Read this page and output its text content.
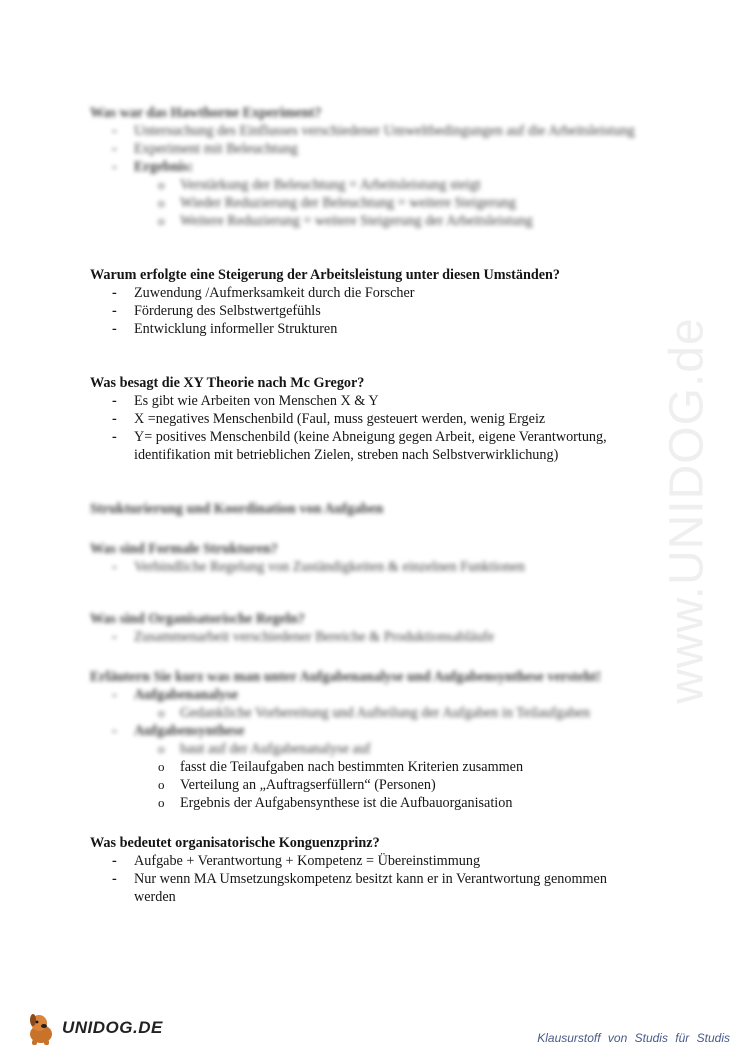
www.UNIDOG.de

Was war das Hawthorne Experiment?

- Untersuchung des Einflusses verschiedener Umweltbedingungen auf die Arbeitsleistung
- Experiment mit Beleuchtung
- Ergebnis:
o Verstärkung der Beleuchtung = Arbeitsleistung steigt
o Wieder Reduzierung der Beleuchtung = weitere Steigerung
o Weitere Reduzierung = weitere Steigerung der Arbeitsleistung

Warum erfolgte eine Steigerung der Arbeitsleistung unter diesen Umständen?

- Zuwendung /Aufmerksamkeit durch die Forscher
- Förderung des Selbstwertgefühls
- Entwicklung informeller Strukturen

Was besagt die XY Theorie nach Mc Gregor?

- Es gibt wie Arbeiten von Menschen X & Y
- X =negatives Menschenbild (Faul, muss gesteuert werden, wenig Ergeiz
- Y= positives Menschenbild (keine Abneigung gegen Arbeit, eigene Verantwortung, identifikation mit betrieblichen Zielen, streben nach Selbstverwirklichung)

Strukturierung und Koordination von Aufgaben

Was sind Formale Strukturen?

- Verbindliche Regelung von Zuständigkeiten & einzelnen Funktionen

Was sind Organisatorische Regeln?

- Zusammenarbeit verschiedener Bereiche & Produktionsabläufe

Erläutern Sie kurz was man unter Aufgabenanalyse und Aufgabensynthese versteht!

- Aufgabenanalyse
o Gedankliche Vorbereitung und Aufteilung der Aufgaben in Teilaufgaben
- Aufgabensynthese
o baut auf der Aufgabenanalyse auf
o fasst die Teilaufgaben nach bestimmten Kriterien zusammen
o Verteilung an „Auftragserfüllern“ (Personen)
o Ergebnis der Aufgabensynthese ist die Aufbauorganisation

Was bedeutet organisatorische Konguenzprinz?

- Aufgabe + Verantwortung + Kompetenz = Übereinstimmung
- Nur wenn MA Umsetzungskompetenz besitzt kann er in Verantwortung genommen werden
UNIDOG.DE
Klausurstoff von Studis für Studis
